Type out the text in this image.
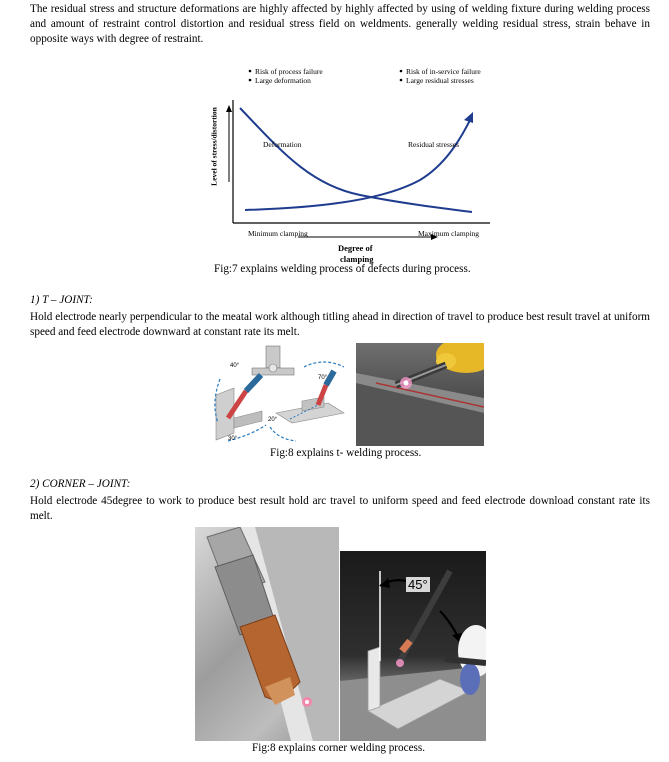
The residual stress and structure deformations are highly affected by highly affected by using of welding fixture during welding process and amount of restraint control distortion and residual stress field on weldments. generally welding residual stress, strain behave in opposite ways with degree of restraint.

Risk of process failure
Large deformation
Risk of in-service failure
Large residual stresses
Level of stress/distortion	Deformation	Residual stresses
Minimum clamping	Maximum clamping
Degree of
clamping

Fig:7 explains welding process of defects during process.

1) T – JOINT:

Hold electrode nearly perpendicular to the meatal work although titling ahead in direction of travel to produce best result travel at uniform speed and feed electrode downward at constant rate its melt.

40°
30°
70°
20°

Fig:8 explains t- welding process.

2) CORNER – JOINT:

Hold electrode 45degree to work to produce best result hold arc travel to uniform speed and feed electrode download constant rate its melt.

45°

Fig:8 explains corner welding process.
